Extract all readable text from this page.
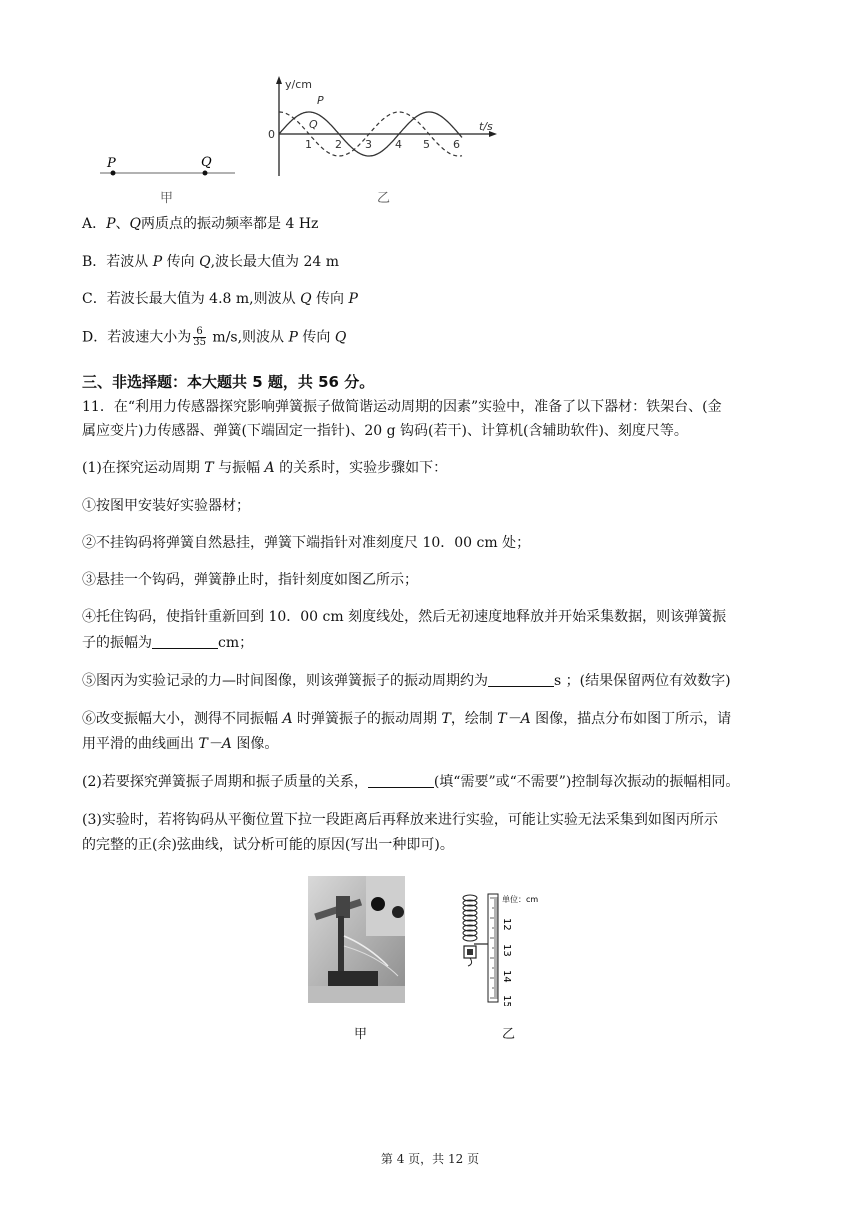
P	Q
甲
y/cm
t/s
0
1 2 3 4 5 6
P
Q
乙
A．P、Q两质点的振动频率都是 4 Hz
B．若波从 P 传向 Q,波长最大值为 24 m
C．若波长最大值为 4.8 m,则波从 Q 传向 P
D．若波速大小为 $\frac{6}{35} m/s$,则波从 P 传向 Q
三、非选择题：本大题共 5 题，共 56 分。
11．在“利用力传感器探究影响弹簧振子做简谐运动周期的因素”实验中，准备了以下器材：铁架台、(金
属应变片)力传感器、弹簧(下端固定一指针)、20 g 钩码(若干)、计算机(含辅助软件)、刻度尺等。
(1)在探究运动周期 T 与振幅 A 的关系时，实验步骤如下：
①按图甲安装好实验器材；
②不挂钩码将弹簧自然悬挂，弹簧下端指针对准刻度尺 10．00 cm 处；
③悬挂一个钩码，弹簧静止时，指针刻度如图乙所示；
④托住钩码，使指针重新回到 10．00 cm 刻度线处，然后无初速度地释放并开始采集数据，则该弹簧振
子的振幅为	cm；
⑤图丙为实验记录的力—时间图像，则该弹簧振子的振动周期约为	s ；(结果保留两位有效数字)
⑥改变振幅大小，测得不同振幅 A 时弹簧振子的振动周期 T，绘制 T－A 图像，描点分布如图丁所示，请
用平滑的曲线画出 T－A 图像。
(2)若要探究弹簧振子周期和振子质量的关系，	(填“需要”或“不需要”)控制每次振动的振幅相同。
(3)实验时，若将钩码从平衡位置下拉一段距离后再释放来进行实验，可能让实验无法采集到如图丙所示
的完整的正(余)弦曲线，试分析可能的原因(写出一种即可)。
甲
单位：cm
12
13
14
15
乙
第 4 页，共 12 页
